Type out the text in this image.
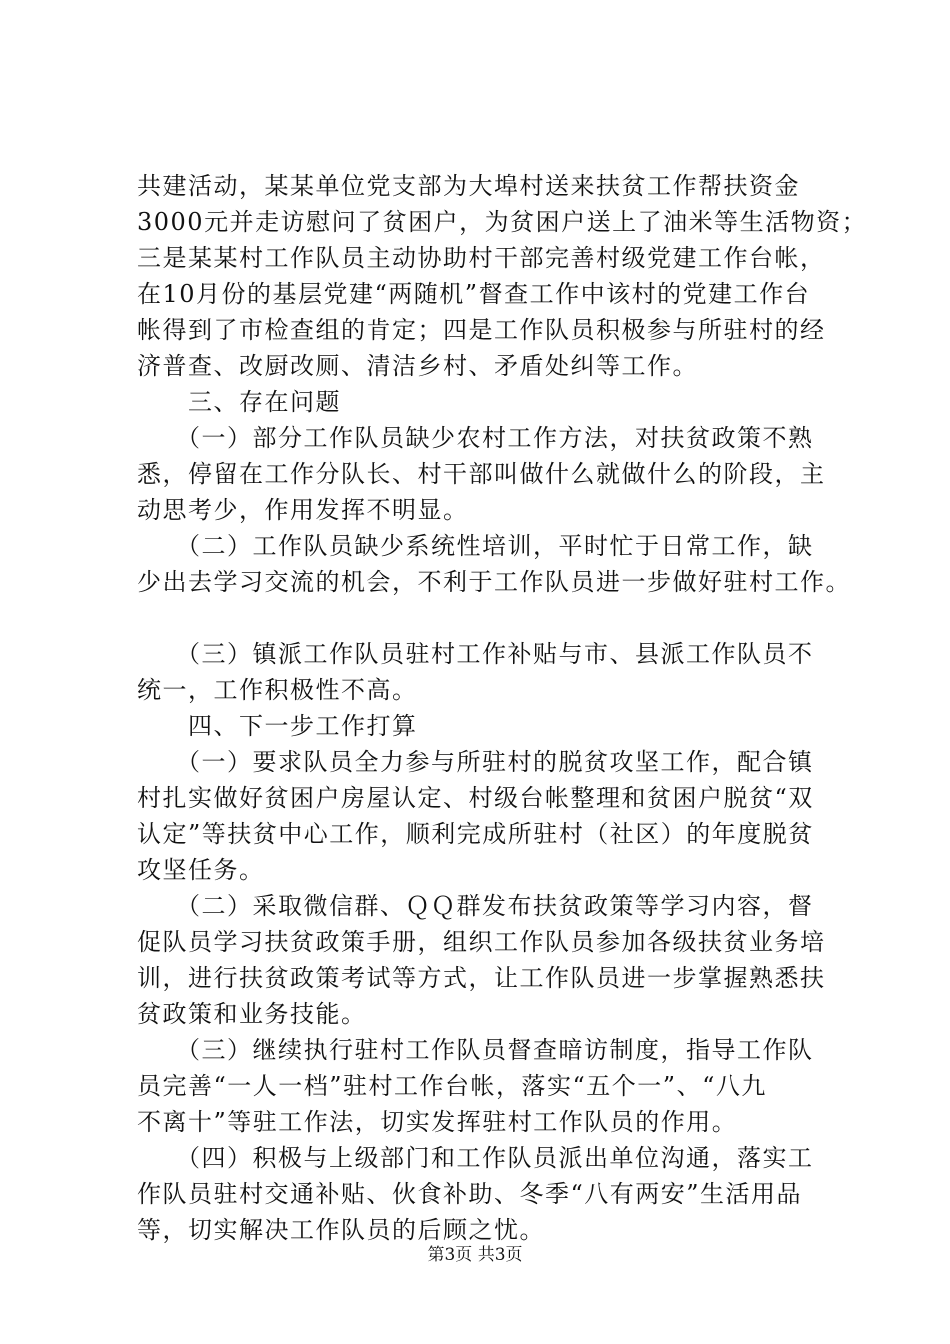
共建活动，某某单位党支部为大埠村送来扶贫工作帮扶资金
3000元并走访慰问了贫困户，为贫困户送上了油米等生活物资；
三是某某村工作队员主动协助村干部完善村级党建工作台帐，
在10月份的基层党建“两随机”督查工作中该村的党建工作台
帐得到了市检查组的肯定；四是工作队员积极参与所驻村的经
济普查、改厨改厕、清洁乡村、矛盾处纠等工作。
　　三、存在问题
　　（一）部分工作队员缺少农村工作方法，对扶贫政策不熟
悉，停留在工作分队长、村干部叫做什么就做什么的阶段，主
动思考少，作用发挥不明显。
　　（二）工作队员缺少系统性培训，平时忙于日常工作，缺
少出去学习交流的机会，不利于工作队员进一步做好驻村工作。
　　（三）镇派工作队员驻村工作补贴与市、县派工作队员不
统一，工作积极性不高。
　　四、下一步工作打算
　　（一）要求队员全力参与所驻村的脱贫攻坚工作，配合镇
村扎实做好贫困户房屋认定、村级台帐整理和贫困户脱贫“双
认定”等扶贫中心工作，顺利完成所驻村（社区）的年度脱贫
攻坚任务。
　　（二）采取微信群、ＱＱ群发布扶贫政策等学习内容，督
促队员学习扶贫政策手册，组织工作队员参加各级扶贫业务培
训，进行扶贫政策考试等方式，让工作队员进一步掌握熟悉扶
贫政策和业务技能。
　　（三）继续执行驻村工作队员督查暗访制度，指导工作队
员完善“一人一档”驻村工作台帐，落实“五个一”、“八九
不离十”等驻工作法，切实发挥驻村工作队员的作用。
　　（四）积极与上级部门和工作队员派出单位沟通，落实工
作队员驻村交通补贴、伙食补助、冬季“八有两安”生活用品
等，切实解决工作队员的后顾之忧。
第3页 共3页
